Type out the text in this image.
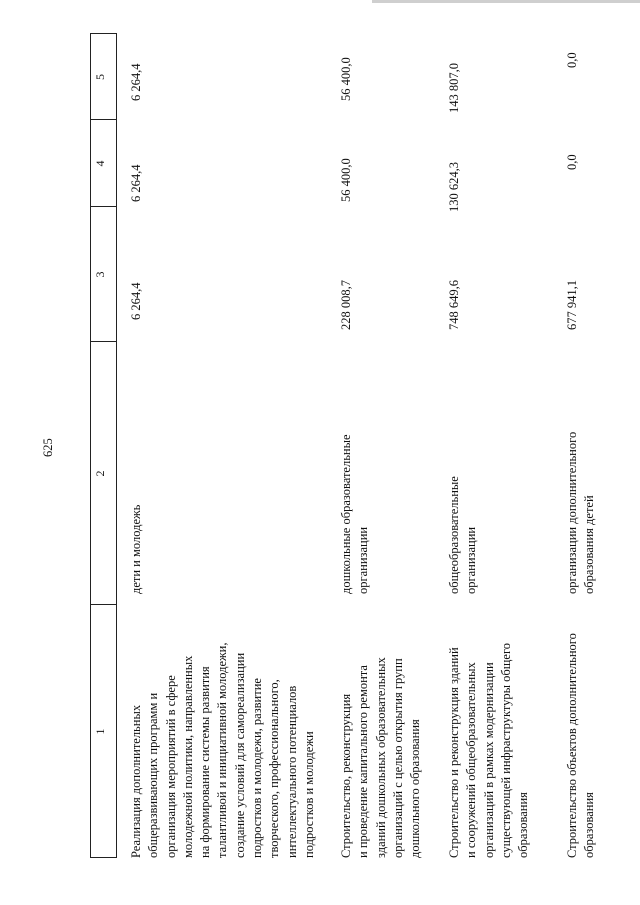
625
1
2
3
4
5
Реализация дополнительных общеразвивающих программ и организация мероприятий в сфере молодежной политики, направленных на формирование системы развития талантливой и инициативной молодежи, создание условий для самореализации подростков и молодежи, развитие творческого, профессионального, интеллектуального потенциалов подростков и молодежи
дети и молодежь
6 264,4
6 264,4
6 264,4
Строительство, реконструкция и проведение капитального ремонта зданий дошкольных образовательных организаций с целью открытия групп дошкольного образования
дошкольные образовательные организации
228 008,7
56 400,0
56 400,0
Строительство и реконструкция зданий и сооружений общеобразовательных организаций в рамках модернизации существующей инфраструктуры общего образования
общеобразовательные организации
748 649,6
130 624,3
143 807,0
Строительство объектов дополнительного образования
организации дополнительного образования детей
677 941,1
0,0
0,0
